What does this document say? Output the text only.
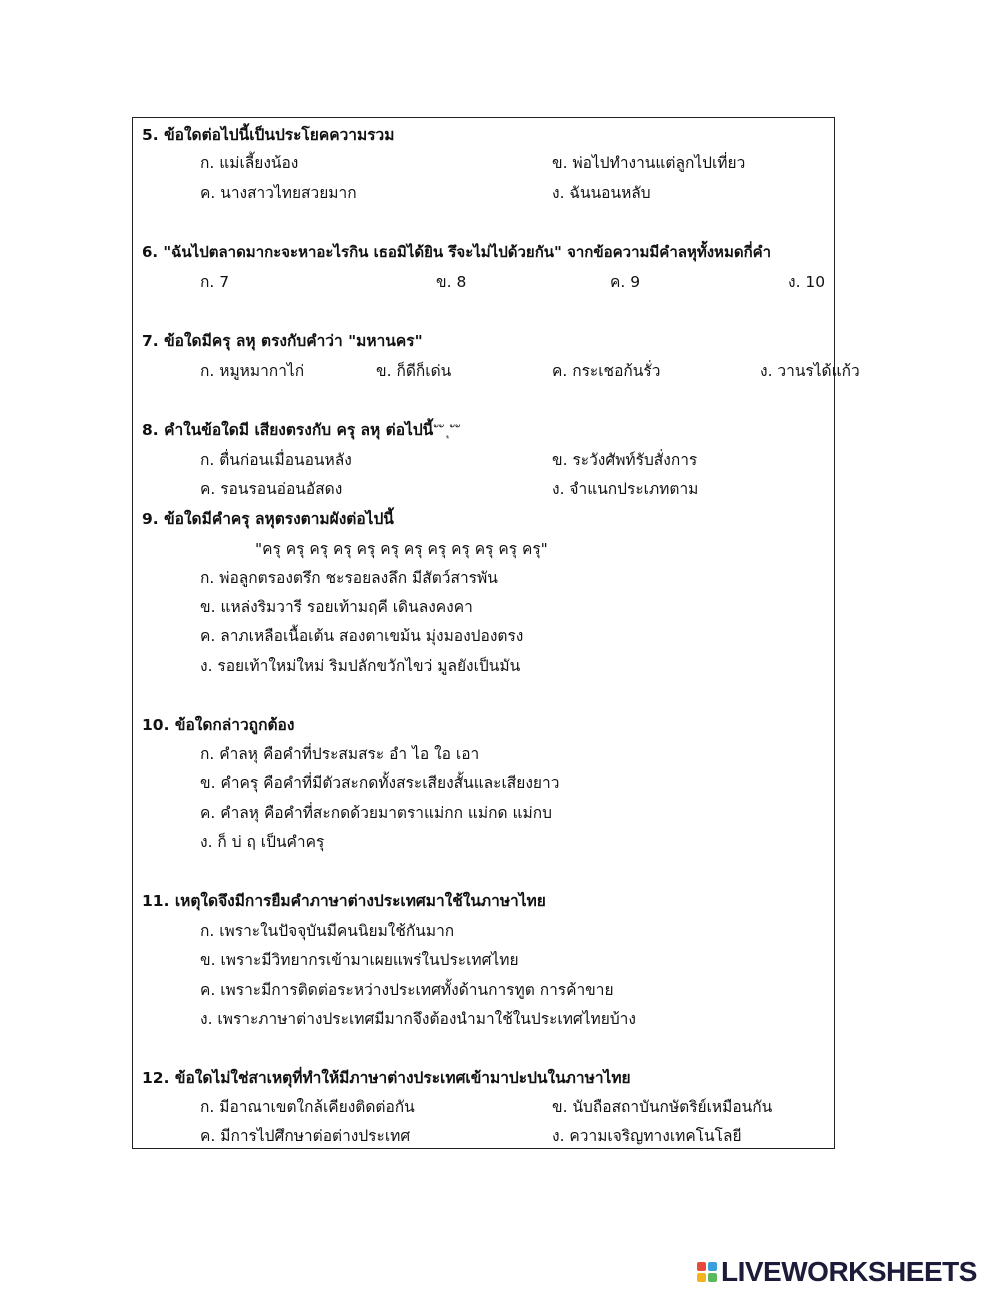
5. ข้อใดต่อไปนี้เป็นประโยคความรวม
ก. แม่เลี้ยงน้อง	ข. พ่อไปทำงานแต่ลูกไปเที่ยว
ค. นางสาวไทยสวยมาก	ง. ฉันนอนหลับ
6. "ฉันไปตลาดมากะจะหาอะไรกิน เธอมิได้ยิน รึจะไม่ไปด้วยกัน" จากข้อความมีคำลหุทั้งหมดกี่คำ
ก. 7	ข. 8	ค. 9	ง. 10
7. ข้อใดมีครุ ลหุ ตรงกับคำว่า "มหานคร"
ก. หมูหมากาไก่	ข. ก็ดีก็เด่น	ค. กระเชอก้นรั่ว	ง. วานรได้แก้ว
8. คำในข้อใดมี เสียงตรงกับ ครุ ลหุ ต่อไปนี้ ั ั ุ ั ั
ก. ตื่นก่อนเมื่อนอนหลัง	ข. ระวังศัพท์รับสั่งการ
ค. รอนรอนอ่อนอัสดง	ง. จำแนกประเภทตาม
9. ข้อใดมีคำครุ ลหุตรงตามผังต่อไปนี้
"ครุ ครุ ครุ ครุ ครุ ครุ ครุ ครุ ครุ ครุ ครุ ครุ"
ก. พ่อลูกตรองตรึก ชะรอยลงลึก มีสัตว์สารพัน
ข. แหล่งริมวารี รอยเท้ามฤคี เดินลงคงคา
ค. ลาภเหลือเนื้อเต้น สองตาเขม้น มุ่งมองปองตรง
ง. รอยเท้าใหม่ใหม่ ริมปลักขวักไขว่ มูลยังเป็นมัน
10. ข้อใดกล่าวถูกต้อง
ก. คำลหุ คือคำที่ประสมสระ อำ ไอ ใอ เอา
ข. คำครุ คือคำที่มีตัวสะกดทั้งสระเสียงสั้นและเสียงยาว
ค. คำลหุ คือคำที่สะกดด้วยมาตราแม่กก แม่กด แม่กบ
ง. ก็ บ่ ฤ เป็นคำครุ
11. เหตุใดจึงมีการยืมคำภาษาต่างประเทศมาใช้ในภาษาไทย
ก. เพราะในปัจจุบันมีคนนิยมใช้กันมาก
ข. เพราะมีวิทยากรเข้ามาเผยแพร่ในประเทศไทย
ค. เพราะมีการติดต่อระหว่างประเทศทั้งด้านการทูต การค้าขาย
ง. เพราะภาษาต่างประเทศมีมากจึงต้องนำมาใช้ในประเทศไทยบ้าง
12. ข้อใดไม่ใช่สาเหตุที่ทำให้มีภาษาต่างประเทศเข้ามาปะปนในภาษาไทย
ก. มีอาณาเขตใกล้เคียงติดต่อกัน	ข. นับถือสถาบันกษัตริย์เหมือนกัน
ค. มีการไปศึกษาต่อต่างประเทศ	ง. ความเจริญทางเทคโนโลยี
LIVEWORKSHEETS
